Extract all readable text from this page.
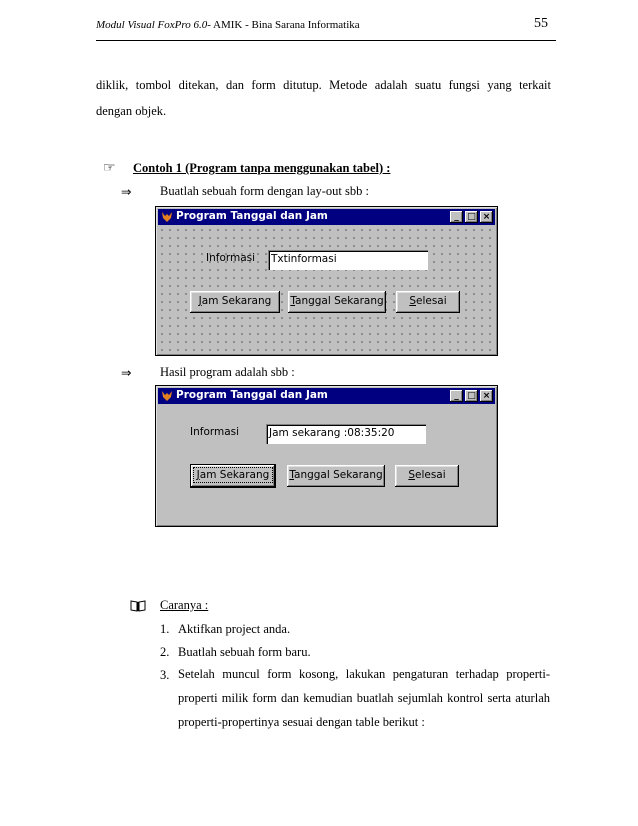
Modul Visual FoxPro 6.0- AMIK - Bina Sarana Informatika	55
diklik, tombol ditekan, dan form ditutup. Metode adalah suatu fungsi yang terkait
dengan objek.
☞ Contoh 1 (Program tanpa menggunakan tabel) :
⇒ Buatlah sebuah form dengan lay-out sbb :
Program Tanggal dan Jam	_ □ ×
Informasi Txtinformasi
Jam Sekarang	Tanggal Sekarang	Selesai
⇒ Hasil program adalah sbb :
Program Tanggal dan Jam	_ □ ×
Informasi	Jam sekarang :08:35:20
Jam Sekarang	Tanggal Sekarang	Selesai
Caranya :
1. Aktifkan project anda.
2. Buatlah sebuah form baru.
3. Setelah muncul form kosong, lakukan pengaturan terhadap properti-
properti milik form dan kemudian buatlah sejumlah kontrol serta aturlah
properti-propertinya sesuai dengan table berikut :
